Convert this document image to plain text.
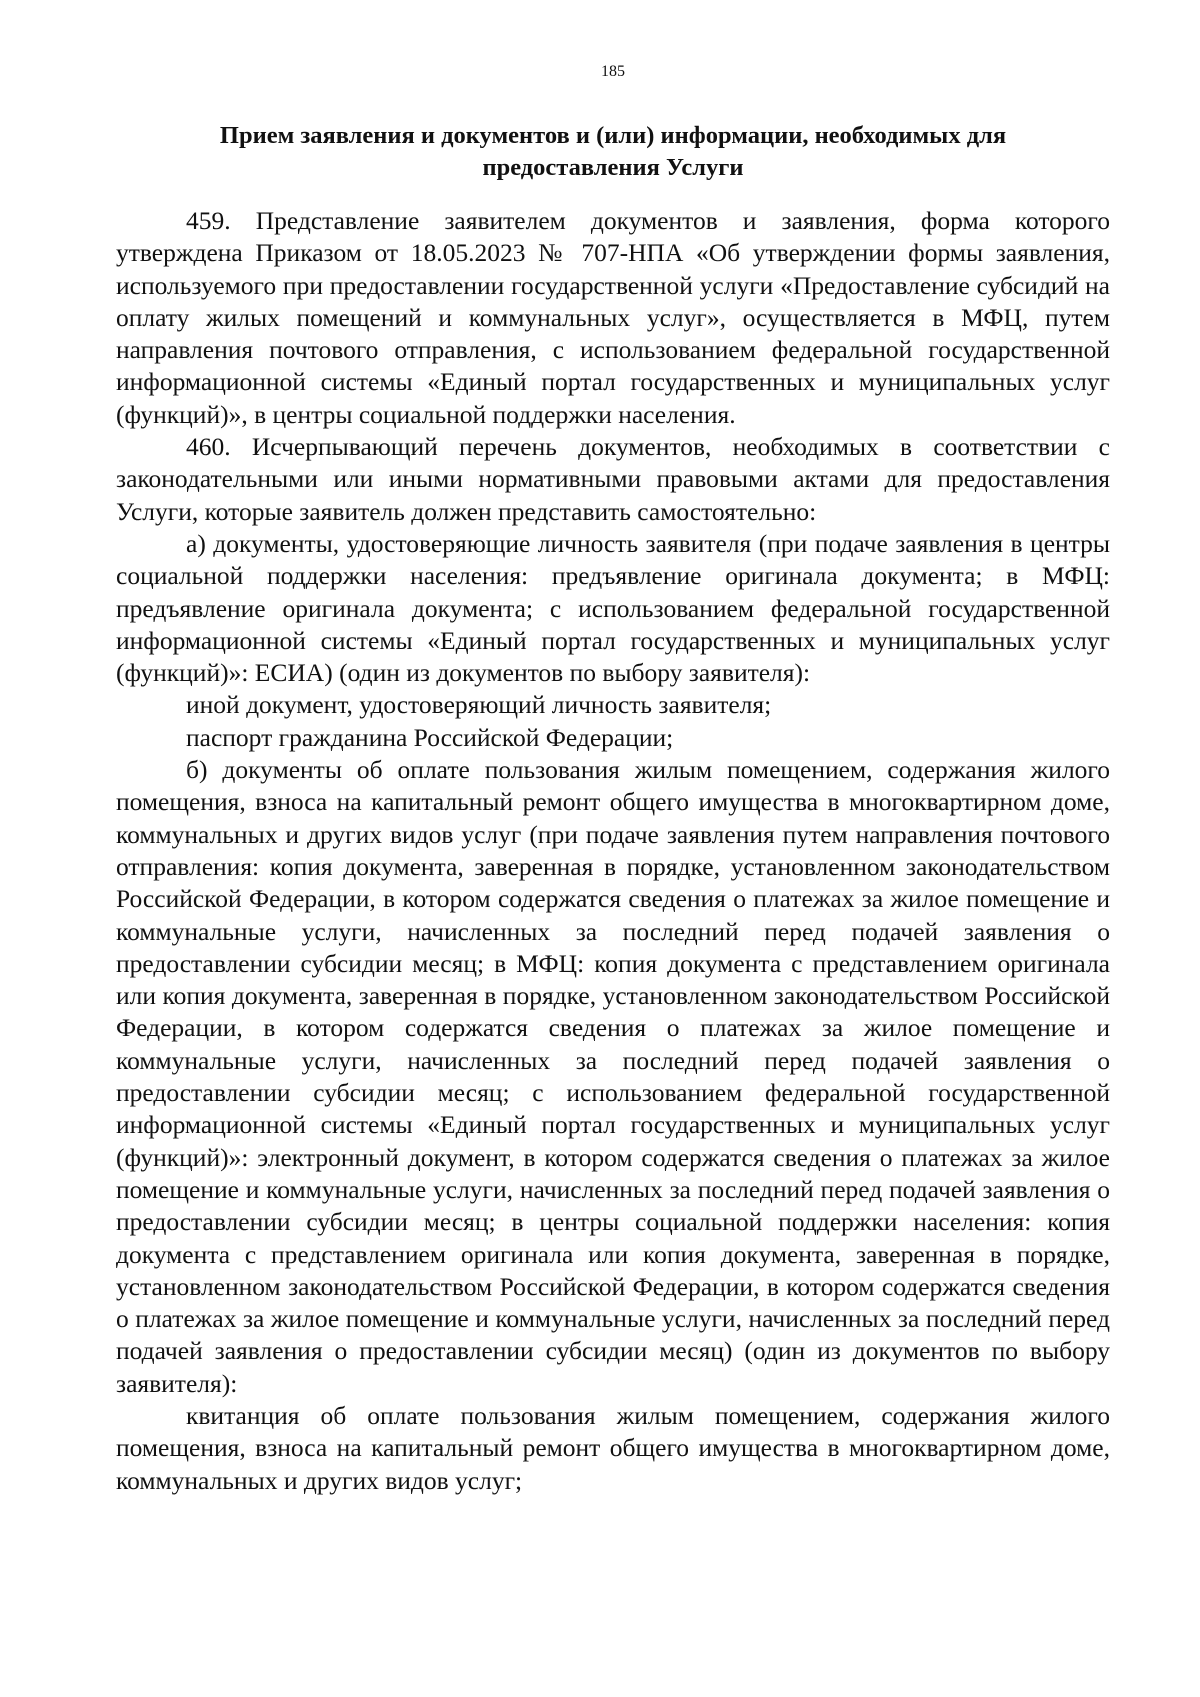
185
Прием заявления и документов и (или) информации, необходимых для
предоставления Услуги

459. Представление заявителем документов и заявления, форма которого утверждена Приказом от 18.05.2023 № 707-НПА «Об утверждении формы заявления, используемого при предоставлении государственной услуги «Предоставление субсидий на оплату жилых помещений и коммунальных услуг», осуществляется в МФЦ, путем направления почтового отправления, с использованием федеральной государственной информационной системы «Единый портал государственных и муниципальных услуг (функций)», в центры социальной поддержки населения.

460. Исчерпывающий перечень документов, необходимых в соответствии с законодательными или иными нормативными правовыми актами для предоставления Услуги, которые заявитель должен представить самостоятельно:

а) документы, удостоверяющие личность заявителя (при подаче заявления в центры социальной поддержки населения: предъявление оригинала документа; в МФЦ: предъявление оригинала документа; с использованием федеральной государственной информационной системы «Единый портал государственных и муниципальных услуг (функций)»: ЕСИА) (один из документов по выбору заявителя):

иной документ, удостоверяющий личность заявителя;

паспорт гражданина Российской Федерации;

б) документы об оплате пользования жилым помещением, содержания жилого помещения, взноса на капитальный ремонт общего имущества в многоквартирном доме, коммунальных и других видов услуг (при подаче заявления путем направления почтового отправления: копия документа, заверенная в порядке, установленном законодательством Российской Федерации, в котором содержатся сведения о платежах за жилое помещение и коммунальные услуги, начисленных за последний перед подачей заявления о предоставлении субсидии месяц; в МФЦ: копия документа с представлением оригинала или копия документа, заверенная в порядке, установленном законодательством Российской Федерации, в котором содержатся сведения о платежах за жилое помещение и коммунальные услуги, начисленных за последний перед подачей заявления о предоставлении субсидии месяц; с использованием федеральной государственной информационной системы «Единый портал государственных и муниципальных услуг (функций)»: электронный документ, в котором содержатся сведения о платежах за жилое помещение и коммунальные услуги, начисленных за последний перед подачей заявления о предоставлении субсидии месяц; в центры социальной поддержки населения: копия документа с представлением оригинала или копия документа, заверенная в порядке, установленном законодательством Российской Федерации, в котором содержатся сведения о платежах за жилое помещение и коммунальные услуги, начисленных за последний перед подачей заявления о предоставлении субсидии месяц) (один из документов по выбору заявителя):

квитанция об оплате пользования жилым помещением, содержания жилого помещения, взноса на капитальный ремонт общего имущества в многоквартирном доме, коммунальных и других видов услуг;
